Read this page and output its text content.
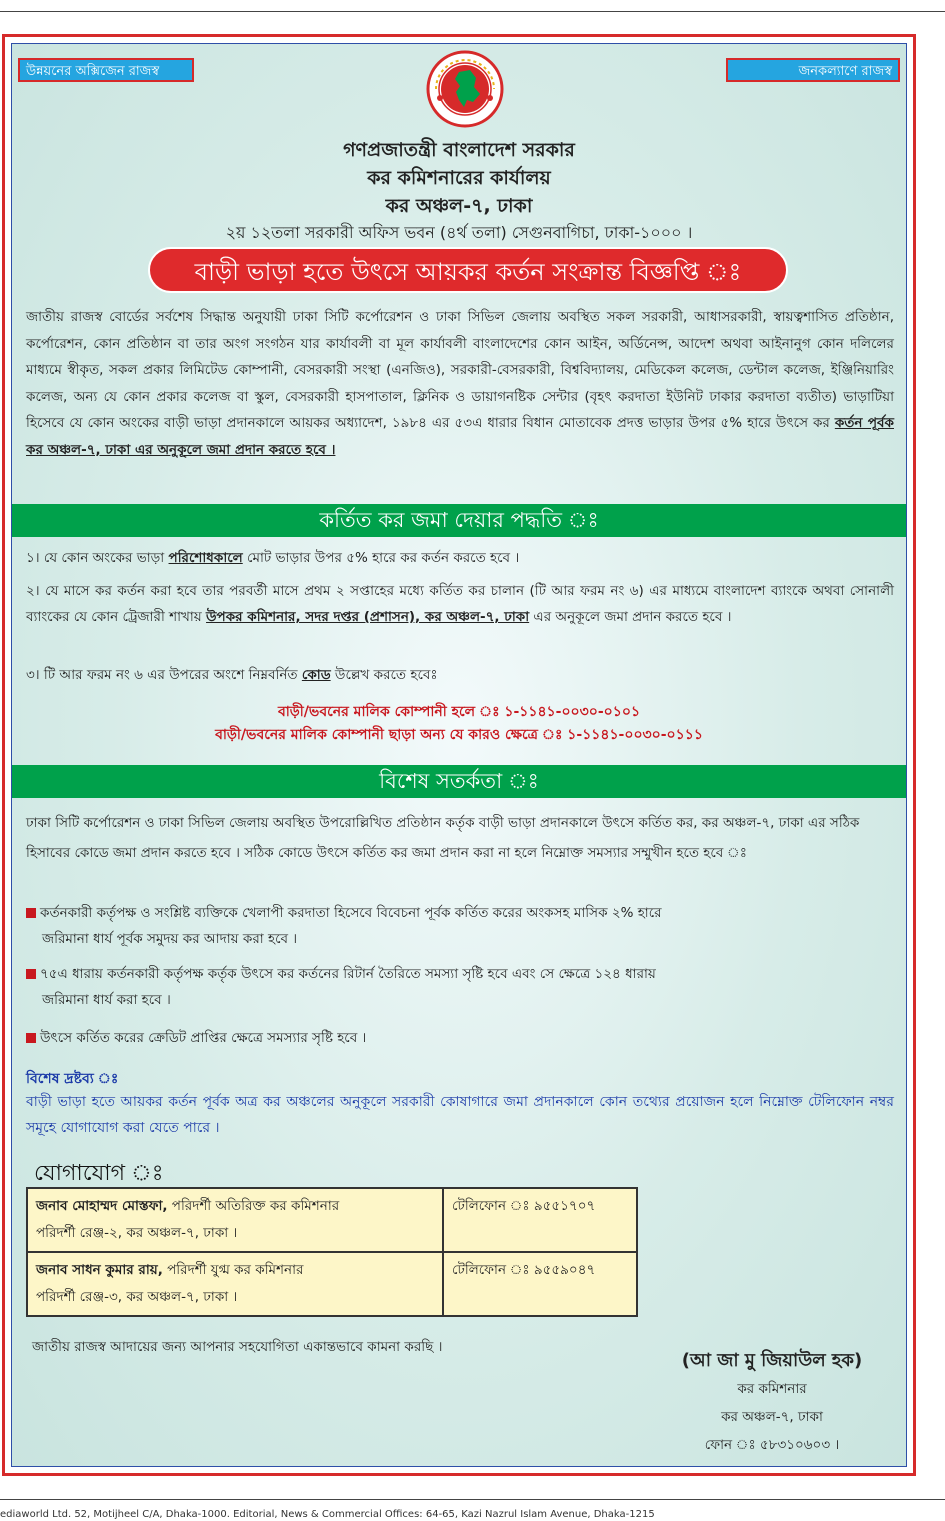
উন্নয়নের অক্সিজেন রাজস্ব	জনকল্যাণে রাজস্ব
গণপ্রজাতন্ত্রী বাংলাদেশ সরকার
কর কমিশনারের কার্যালয়
কর অঞ্চল-৭, ঢাকা
২য় ১২তলা সরকারী অফিস ভবন (৪র্থ তলা) সেগুনবাগিচা, ঢাকা-১০০০ ।
বাড়ী ভাড়া হতে উৎসে আয়কর কর্তন সংক্রান্ত বিজ্ঞপ্তি ঃ
জাতীয় রাজস্ব বোর্ডের সর্বশেষ সিদ্ধান্ত অনুযায়ী ঢাকা সিটি কর্পোরেশন ও ঢাকা সিভিল জেলায় অবস্থিত সকল সরকারী, আধাসরকারী, স্বায়ত্বশাসিত প্রতিষ্ঠান, কর্পোরেশন, কোন প্রতিষ্ঠান বা তার অংগ সংগঠন যার কার্যাবলী বা মূল কার্যাবলী বাংলাদেশের কোন আইন, অর্ডিনেন্স, আদেশ অথবা আইনানুগ কোন দলিলের মাধ্যমে স্বীকৃত, সকল প্রকার লিমিটেড কোম্পানী, বেসরকারী সংস্থা (এনজিও), সরকারী-বেসরকারী, বিশ্ববিদ্যালয়, মেডিকেল কলেজ, ডেন্টাল কলেজ, ইঞ্জিনিয়ারিং কলেজ, অন্য যে কোন প্রকার কলেজ বা স্কুল, বেসরকারী হাসপাতাল, ক্লিনিক ও ডায়াগনষ্টিক সেন্টার (বৃহৎ করদাতা ইউনিট ঢাকার করদাতা ব্যতীত) ভাড়াটিয়া হিসেবে যে কোন অংকের বাড়ী ভাড়া প্রদানকালে আয়কর অধ্যাদেশ, ১৯৮৪ এর ৫৩এ ধারার বিধান মোতাবেক প্রদত্ত ভাড়ার উপর ৫% হারে উৎসে কর কর্তন পূর্বক কর অঞ্চল-৭, ঢাকা এর অনুকূলে জমা প্রদান করতে হবে ।
কর্তিত কর জমা দেয়ার পদ্ধতি ঃ
১। যে কোন অংকের ভাড়া পরিশোধকালে মোট ভাড়ার উপর ৫% হারে কর কর্তন করতে হবে ।
২। যে মাসে কর কর্তন করা হবে তার পরবর্তী মাসে প্রথম ২ সপ্তাহের মধ্যে কর্তিত কর চালান (টি আর ফরম নং ৬) এর মাধ্যমে বাংলাদেশ ব্যাংকে অথবা সোনালী ব্যাংকের যে কোন ট্রেজারী শাখায় উপকর কমিশনার, সদর দপ্তর (প্রশাসন), কর অঞ্চল-৭, ঢাকা এর অনুকূলে জমা প্রদান করতে হবে ।
৩। টি আর ফরম নং ৬ এর উপরের অংশে নিম্নবর্নিত কোড উল্লেখ করতে হবেঃ
বাড়ী/ভবনের মালিক কোম্পানী হলে ঃ ১-১১৪১-০০৩০-০১০১
বাড়ী/ভবনের মালিক কোম্পানী ছাড়া অন্য যে কারও ক্ষেত্রে ঃ ১-১১৪১-০০৩০-০১১১
বিশেষ সতর্কতা ঃ
ঢাকা সিটি কর্পোরেশন ও ঢাকা সিভিল জেলায় অবস্থিত উপরোল্লিখিত প্রতিষ্ঠান কর্তৃক বাড়ী ভাড়া প্রদানকালে উৎসে কর্তিত কর, কর অঞ্চল-৭, ঢাকা এর সঠিক হিসাবের কোডে জমা প্রদান করতে হবে । সঠিক কোডে উৎসে কর্তিত কর জমা প্রদান করা না হলে নিম্নোক্ত সমস্যার সম্মুখীন হতে হবে ঃ
কর্তনকারী কর্তৃপক্ষ ও সংশ্লিষ্ট ব্যক্তিকে খেলাপী করদাতা হিসেবে বিবেচনা পূর্বক কর্তিত করের অংকসহ মাসিক ২% হারে
জরিমানা ধার্য পূর্বক সমুদয় কর আদায় করা হবে ।
৭৫এ ধারায় কর্তনকারী কর্তৃপক্ষ কর্তৃক উৎসে কর কর্তনের রিটার্ন তৈরিতে সমস্যা সৃষ্টি হবে এবং সে ক্ষেত্রে ১২৪ ধারায়
জরিমানা ধার্য করা হবে ।
উৎসে কর্তিত করের ক্রেডিট প্রাপ্তির ক্ষেত্রে সমস্যার সৃষ্টি হবে ।
বিশেষ দ্রষ্টব্য ঃ
বাড়ী ভাড়া হতে আয়কর কর্তন পূর্বক অত্র কর অঞ্চলের অনুকূলে সরকারী কোষাগারে জমা প্রদানকালে কোন তথ্যের প্রয়োজন হলে নিম্নোক্ত টেলিফোন নম্বর সমূহে যোগাযোগ করা যেতে পারে ।
যোগাযোগ ঃ
জনাব মোহাম্মদ মোস্তফা, পরিদর্শী অতিরিক্ত কর কমিশনার
পরিদর্শী রেঞ্জ-২, কর অঞ্চল-৭, ঢাকা ।	টেলিফোন ঃ ৯৫৫১৭০৭
জনাব সাধন কুমার রায়, পরিদর্শী যুগ্ম কর কমিশনার
পরিদর্শী রেঞ্জ-৩, কর অঞ্চল-৭, ঢাকা ।	টেলিফোন ঃ ৯৫৫৯০৪৭
জাতীয় রাজস্ব আদায়ের জন্য আপনার সহযোগিতা একান্তভাবে কামনা করছি ।
(আ জা মু জিয়াউল হক)
কর কমিশনার
কর অঞ্চল-৭, ঢাকা
ফোন ঃ ৫৮৩১০৬০৩ ।
ediaworld Ltd. 52, Motijheel C/A, Dhaka-1000. Editorial, News & Commercial Offices: 64-65, Kazi Nazrul Islam Avenue, Dhaka-1215
